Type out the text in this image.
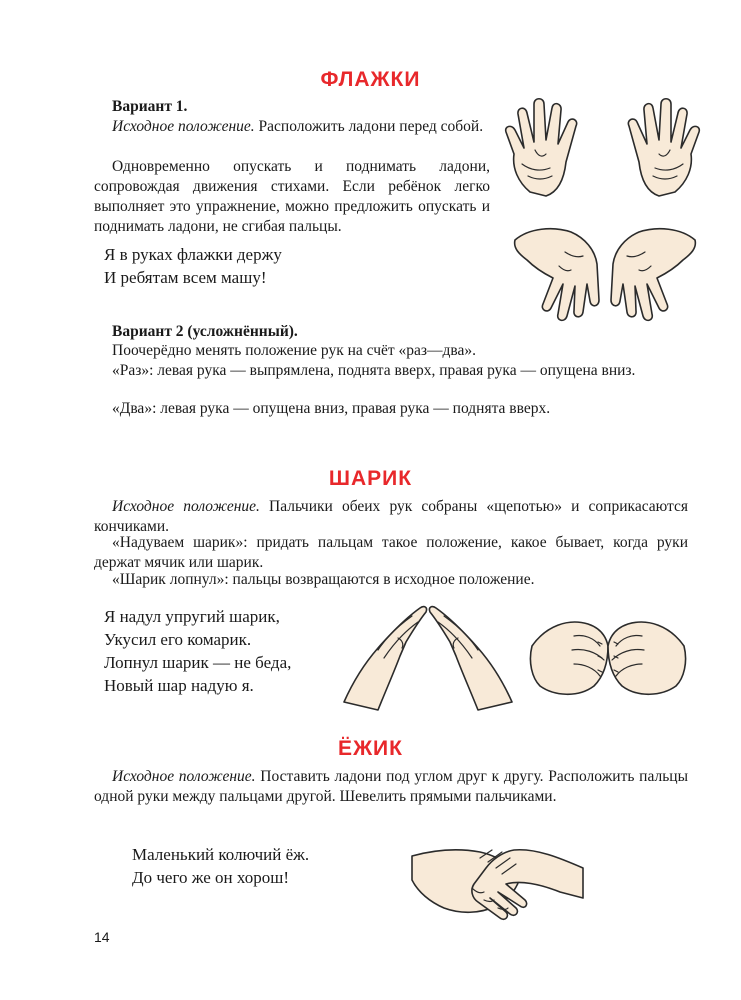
ФЛАЖКИ
Вариант 1.
Исходное положение. Расположить ладони перед собой.
Одновременно опускать и поднимать ладони, сопровождая движения стихами. Если ребёнок легко выполняет это упражнение, можно предложить опускать и поднимать ладони, не сгибая пальцы.
Я в руках флажки держу
И ребятам всем машу!
Вариант 2 (усложнённый).
Поочерёдно менять положение рук на счёт «раз—два».
«Раз»: левая рука — выпрямлена, поднята вверх, правая рука — опущена вниз.
«Два»: левая рука — опущена вниз, правая рука — поднята вверх.
ШАРИК
Исходное положение. Пальчики обеих рук собраны «щепотью» и соприкасаются кончиками.
«Надуваем шарик»: придать пальцам такое положение, какое бывает, когда руки держат мячик или шарик.
«Шарик лопнул»: пальцы возвращаются в исходное положение.
Я надул упругий шарик,
Укусил его комарик.
Лопнул шарик — не беда,
Новый шар надую я.
ЁЖИК
Исходное положение. Поставить ладони под углом друг к другу. Расположить пальцы одной руки между пальцами другой. Шевелить прямыми пальчиками.
Маленький колючий ёж.
До чего же он хорош!
14
